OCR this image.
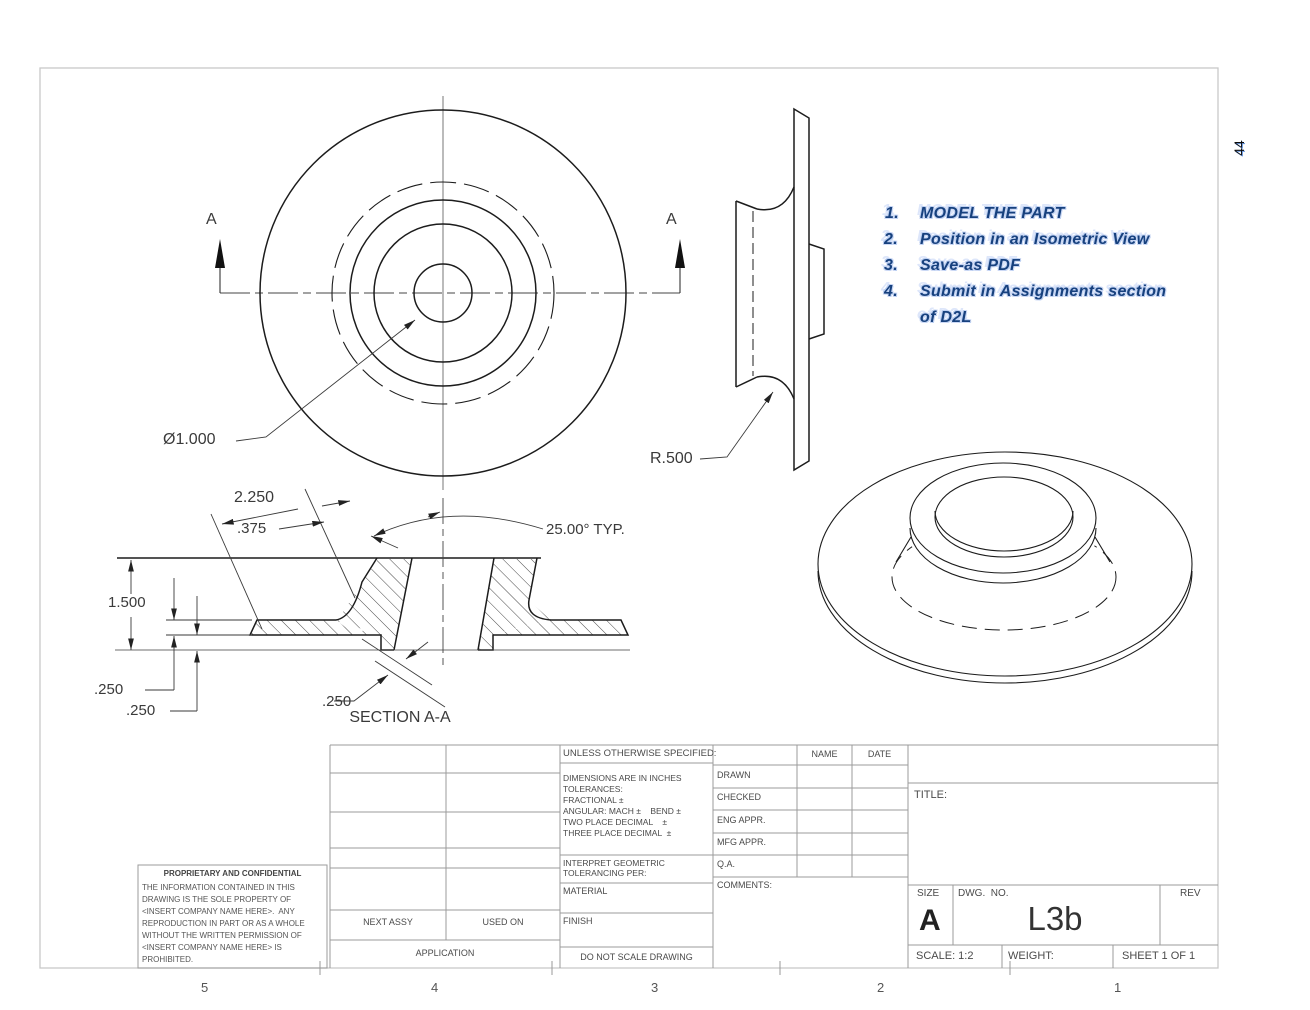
1. MODEL THE PART
2. Position in an Isometric View
3. Save-as PDF
4. Submit in Assignments section
of D2L
A	A
Ø1.000
R.500
2.250
.375	25.00° TYP.
1.500
.250
.250
.250
SECTION A-A
UNLESS OTHERWISE SPECIFIED:
DIMENSIONS ARE IN INCHES
TOLERANCES:
FRACTIONAL ±
ANGULAR: MACH ±    BEND ±
TWO PLACE DECIMAL    ±
THREE PLACE DECIMAL  ±
INTERPRET GEOMETRIC
TOLERANCING PER:
MATERIAL
FINISH
DO NOT SCALE DRAWING
NAME	DATE
DRAWN
CHECKED
ENG APPR.
MFG APPR.
Q.A.
COMMENTS:
TITLE:
SIZE
A
DWG.  NO.
L3b
REV
SCALE: 1:2	WEIGHT:	SHEET 1 OF 1
NEXT ASSY	USED ON
APPLICATION
PROPRIETARY AND CONFIDENTIAL
THE INFORMATION CONTAINED IN THIS
DRAWING IS THE SOLE PROPERTY OF
<INSERT COMPANY NAME HERE>.  ANY
REPRODUCTION IN PART OR AS A WHOLE
WITHOUT THE WRITTEN PERMISSION OF
<INSERT COMPANY NAME HERE> IS
PROHIBITED.
5	4	3	2	1
44
